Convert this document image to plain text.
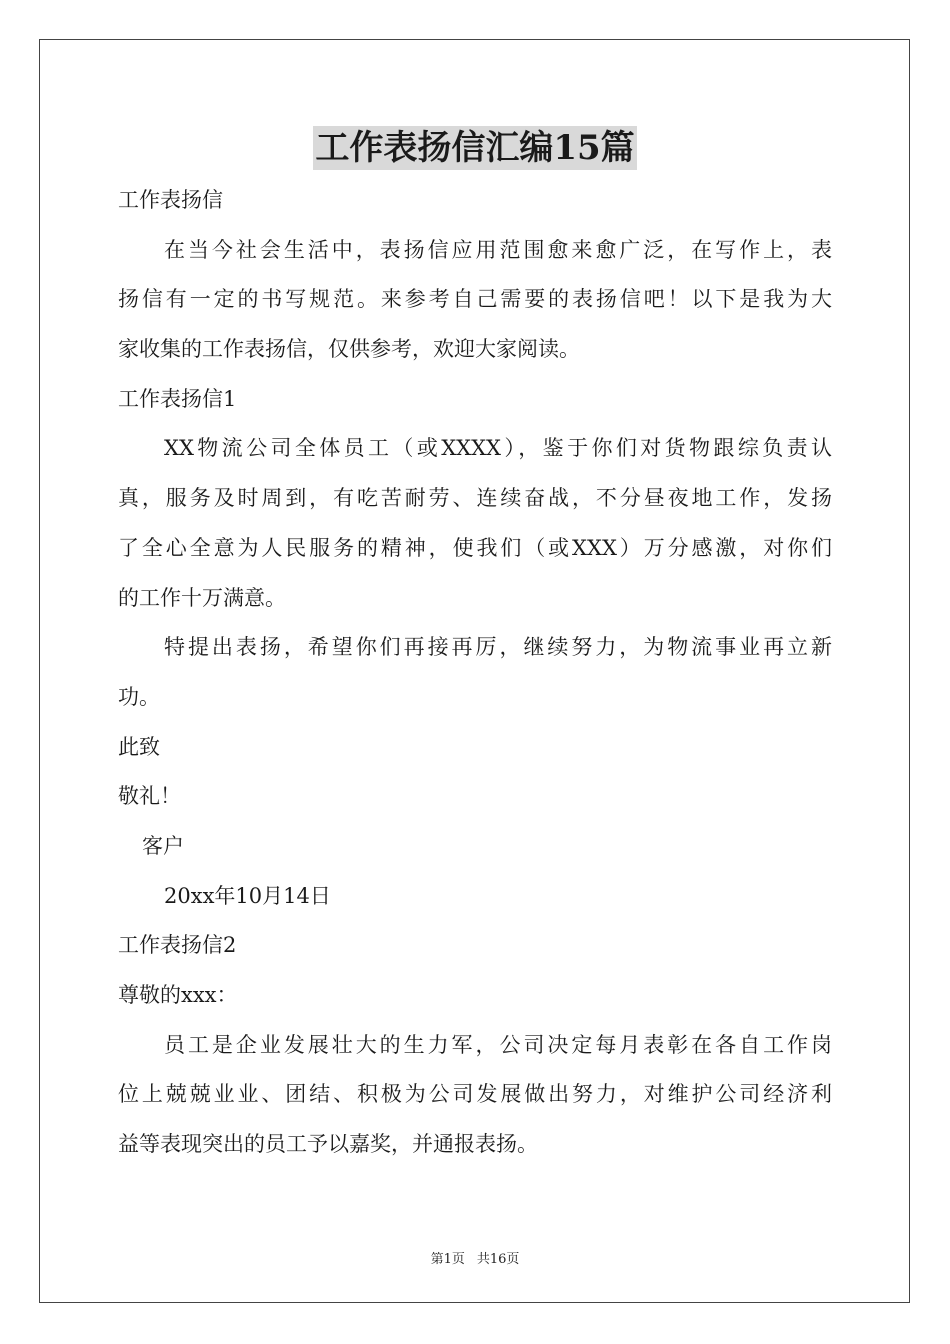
工作表扬信汇编15篇
工作表扬信
在当今社会生活中，表扬信应用范围愈来愈广泛，在写作上，表
扬信有一定的书写规范。来参考自己需要的表扬信吧！以下是我为大
家收集的工作表扬信，仅供参考，欢迎大家阅读。
工作表扬信1
XX物流公司全体员工（或XXXX），鉴于你们对货物跟综负责认
真，服务及时周到，有吃苦耐劳、连续奋战，不分昼夜地工作，发扬
了全心全意为人民服务的精神，使我们（或XXX）万分感激，对你们
的工作十万满意。
特提出表扬，希望你们再接再厉，继续努力，为物流事业再立新
功。
此致
敬礼！
客户
20xx年10月14日
工作表扬信2
尊敬的xxx：
员工是企业发展壮大的生力军，公司决定每月表彰在各自工作岗
位上兢兢业业、团结、积极为公司发展做出努力，对维护公司经济利
益等表现突出的员工予以嘉奖，并通报表扬。
第1页 共16页
